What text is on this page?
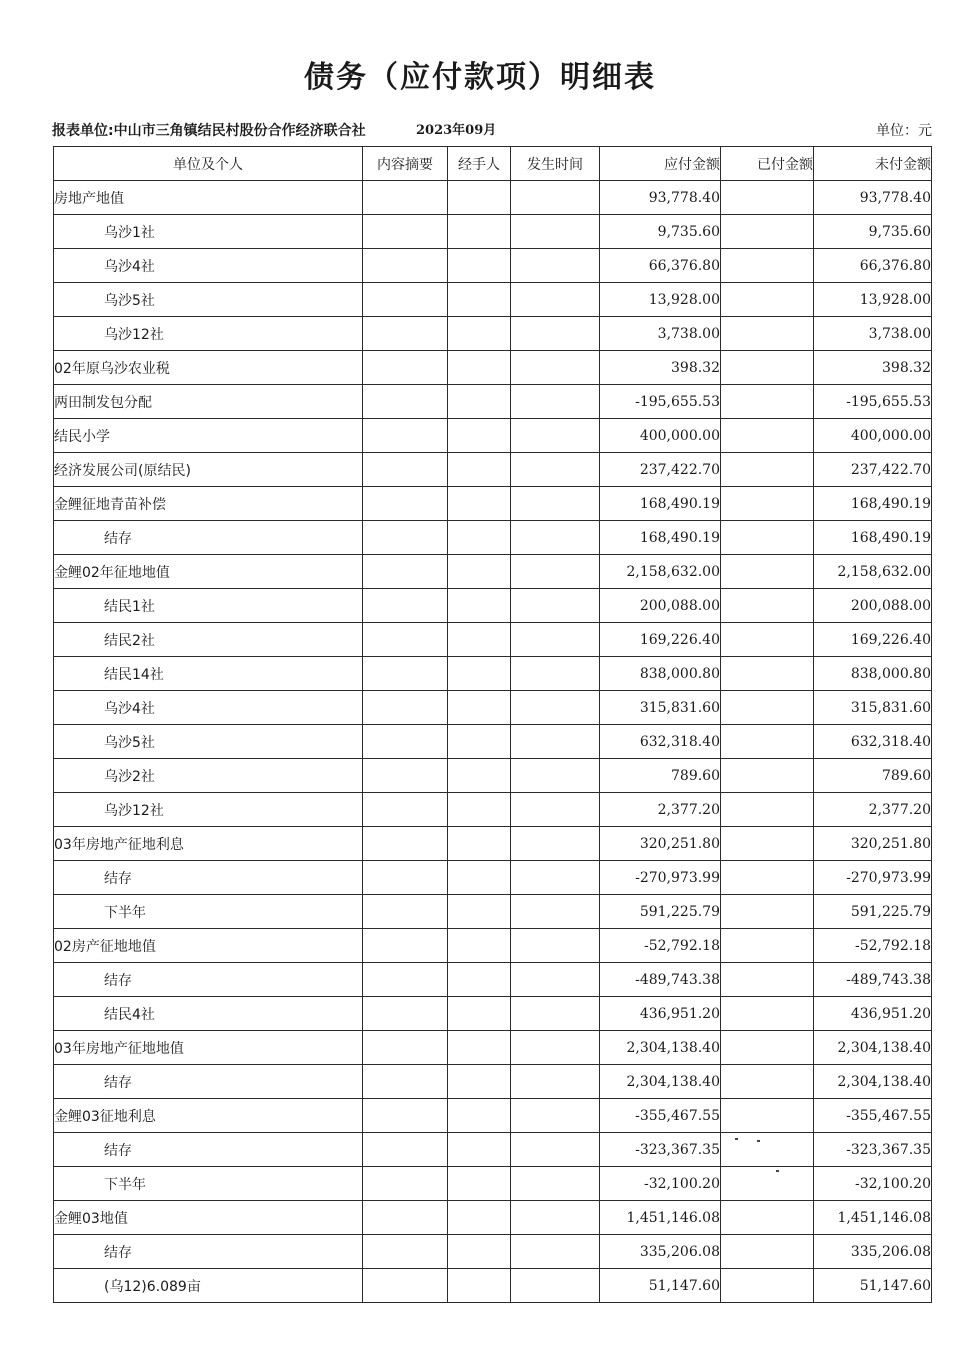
债务（应付款项）明细表
报表单位:中山市三角镇结民村股份合作经济联合社	2023年09月	单位：元
单位及个人	内容摘要	经手人	发生时间	应付金额	已付金额	未付金额
房地产地值				93,778.40		93,778.40
乌沙1社				9,735.60		9,735.60
乌沙4社				66,376.80		66,376.80
乌沙5社				13,928.00		13,928.00
乌沙12社				3,738.00		3,738.00
02年原乌沙农业税				398.32		398.32
两田制发包分配				-195,655.53		-195,655.53
结民小学				400,000.00		400,000.00
经济发展公司(原结民)				237,422.70		237,422.70
金鲤征地青苗补偿				168,490.19		168,490.19
结存				168,490.19		168,490.19
金鲤02年征地地值				2,158,632.00		2,158,632.00
结民1社				200,088.00		200,088.00
结民2社				169,226.40		169,226.40
结民14社				838,000.80		838,000.80
乌沙4社				315,831.60		315,831.60
乌沙5社				632,318.40		632,318.40
乌沙2社				789.60		789.60
乌沙12社				2,377.20		2,377.20
03年房地产征地利息				320,251.80		320,251.80
结存				-270,973.99		-270,973.99
下半年				591,225.79		591,225.79
02房产征地地值				-52,792.18		-52,792.18
结存				-489,743.38		-489,743.38
结民4社				436,951.20		436,951.20
03年房地产征地地值				2,304,138.40		2,304,138.40
结存				2,304,138.40		2,304,138.40
金鲤03征地利息				-355,467.55		-355,467.55
结存				-323,367.35		-323,367.35
下半年				-32,100.20		-32,100.20
金鲤03地值				1,451,146.08		1,451,146.08
结存				335,206.08		335,206.08
(乌12)6.089亩				51,147.60		51,147.60
